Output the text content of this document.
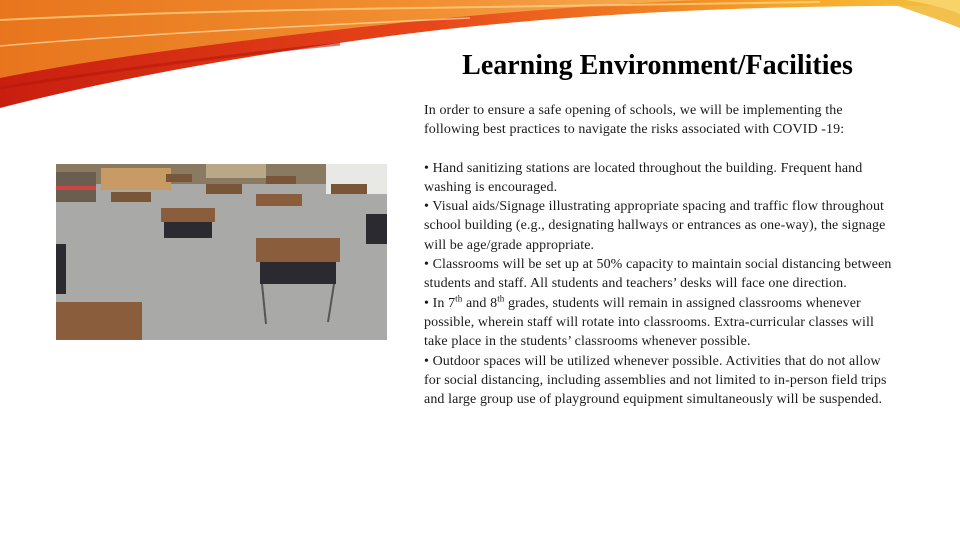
Learning Environment/Facilities

In order to ensure a safe opening of schools, we will be implementing the following best practices to navigate the risks associated with COVID -19:

• Hand sanitizing stations are located throughout the building. Frequent hand washing is encouraged.

• Visual aids/Signage illustrating appropriate spacing and traffic flow throughout school building (e.g., designating hallways or entrances as one-way), the signage will be age/grade appropriate.

• Classrooms will be set up at 50% capacity to maintain social distancing between students and staff. All students and teachers’ desks will face one direction.

• In 7th and 8th grades, students will remain in assigned classrooms whenever possible, wherein staff will rotate into classrooms. Extra-curricular classes will take place in the students’ classrooms whenever possible.

• Outdoor spaces will be utilized whenever possible. Activities that do not allow for social distancing, including assemblies and not limited to in-person field trips and large group use of playground equipment simultaneously will be suspended.
